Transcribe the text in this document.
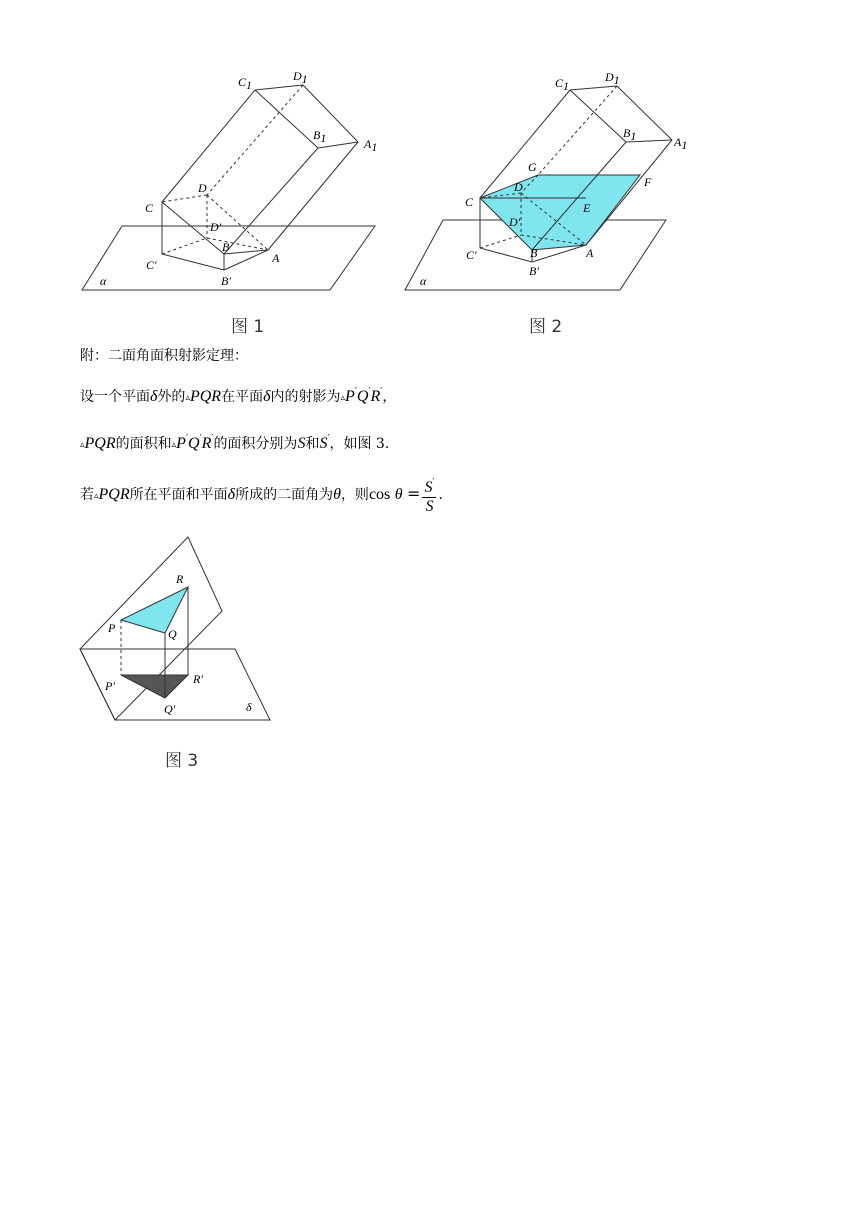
C1
D1
B1	A1
C
D
D′
B
A
C′
B′
α
图 1
C1
D1
B1	A1
G
D	F
C	E
D′
B	A
C′
B′
α
图 2
附：二面角面积射影定理：
设一个平面δ外的▵PQR在平面δ内的射影为▵P′Q′R′，
▵PQR的面积和▵P′Q′R′的面积分别为S和S′，如图 3.
若▵PQR所在平面和平面δ所成的二面角为θ，则$\cos \theta = \frac{S'}{S}$ .
R
P	Q
P′	R′
Q′	δ
图 3
